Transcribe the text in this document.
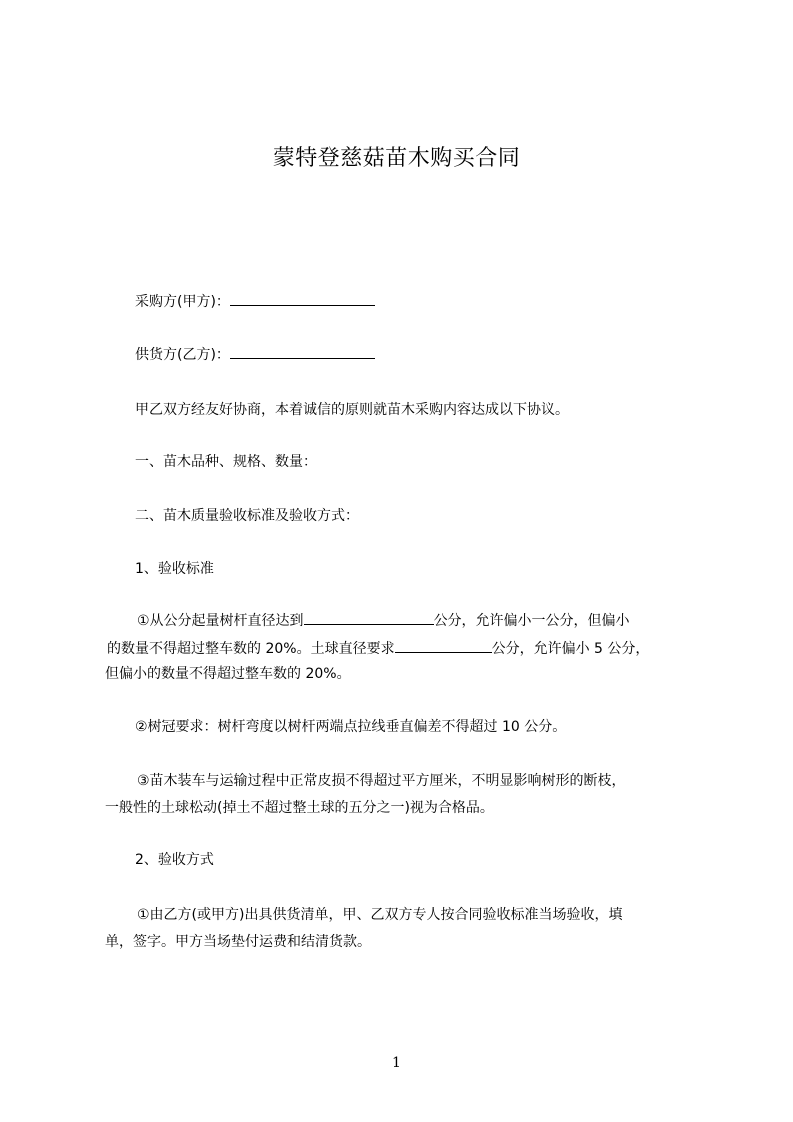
蒙特登慈菇苗木购买合同
采购方(甲方)：
供货方(乙方)：
甲乙双方经友好协商，本着诚信的原则就苗木采购内容达成以下协议。
一、苗木品种、规格、数量：
二、苗木质量验收标准及验收方式：
1、验收标准
①从公分起量树杆直径达到	公分，允许偏小一公分，但偏小
的数量不得超过整车数的 20%。土球直径要求	公分，允许偏小 5 公分，
但偏小的数量不得超过整车数的 20%。
②树冠要求：树杆弯度以树杆两端点拉线垂直偏差不得超过 10 公分。
③苗木装车与运输过程中正常皮损不得超过平方厘米，不明显影响树形的断枝，
一般性的土球松动(掉土不超过整土球的五分之一)视为合格品。
2、验收方式
①由乙方(或甲方)出具供货清单，甲、乙双方专人按合同验收标准当场验收，填
单，签字。甲方当场垫付运费和结清货款。
1
